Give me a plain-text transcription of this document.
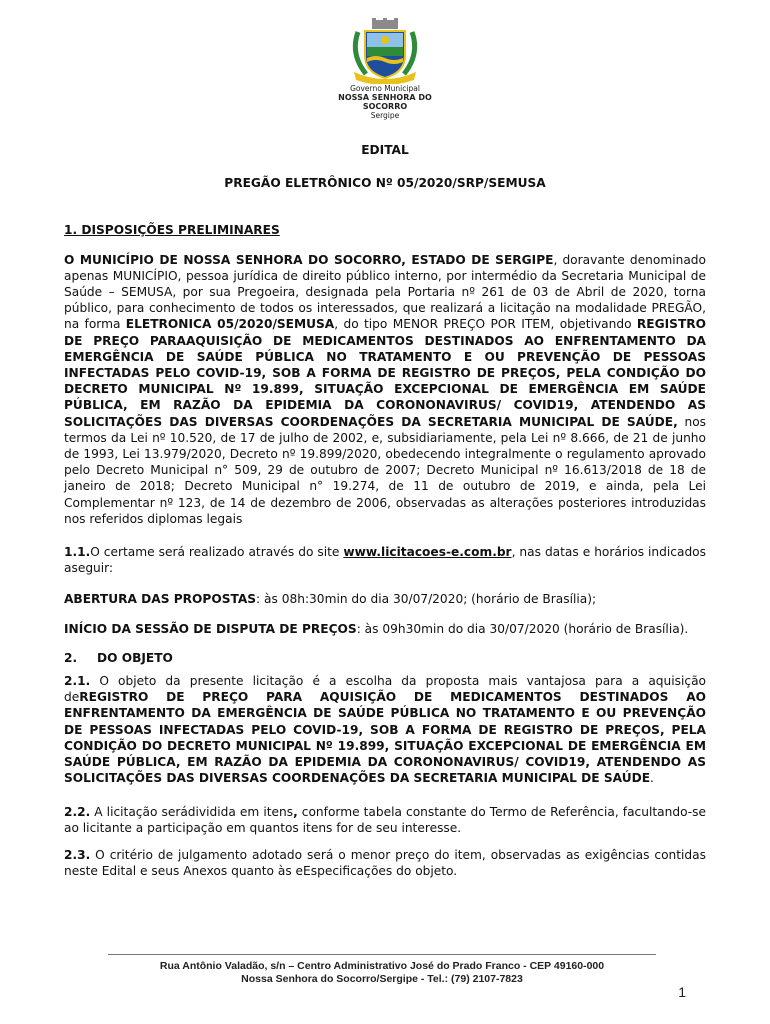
Governo Municipal
NOSSA SENHORA DO SOCORRO
Sergipe
EDITAL
PREGÃO ELETRÔNICO Nº 05/2020/SRP/SEMUSA

1. DISPOSIÇÕES PRELIMINARES

O MUNICÍPIO DE NOSSA SENHORA DO SOCORRO, ESTADO DE SERGIPE, doravante denominado apenas MUNICÍPIO, pessoa jurídica de direito público interno, por intermédio da Secretaria Municipal de Saúde – SEMUSA, por sua Pregoeira, designada pela Portaria nº 261 de 03 de Abril de 2020, torna público, para conhecimento de todos os interessados, que realizará a licitação na modalidade PREGÃO, na forma ELETRONICA 05/2020/SEMUSA, do tipo MENOR PREÇO POR ITEM, objetivando REGISTRO DE PREÇO PARAAQUISIÇÃO DE MEDICAMENTOS DESTINADOS AO ENFRENTAMENTO DA EMERGÊNCIA DE SAÚDE PÚBLICA NO TRATAMENTO E OU PREVENÇÃO DE PESSOAS INFECTADAS PELO COVID-19, SOB A FORMA DE REGISTRO DE PREÇOS, PELA CONDIÇÃO DO DECRETO MUNICIPAL Nº 19.899, SITUAÇÃO EXCEPCIONAL DE EMERGÊNCIA EM SAÚDE PÚBLICA, EM RAZÃO DA EPIDEMIA DA CORONONAVIRUS/ COVID19, ATENDENDO AS SOLICITAÇÕES DAS DIVERSAS COORDENAÇÕES DA SECRETARIA MUNICIPAL DE SAÚDE, nos termos da Lei nº 10.520, de 17 de julho de 2002, e, subsidiariamente, pela Lei nº 8.666, de 21 de junho de 1993, Lei 13.979/2020, Decreto nº 19.899/2020, obedecendo integralmente o regulamento aprovado pelo Decreto Municipal n° 509, 29 de outubro de 2007; Decreto Municipal nº 16.613/2018 de 18 de janeiro de 2018; Decreto Municipal n° 19.274, de 11 de outubro de 2019, e ainda, pela Lei Complementar nº 123, de 14 de dezembro de 2006, observadas as alterações posteriores introduzidas nos referidos diplomas legais

1.1.O certame será realizado através do site www.licitacoes-e.com.br, nas datas e horários indicados aseguir:

ABERTURA DAS PROPOSTAS: às 08h:30min do dia 30/07/2020; (horário de Brasília);

INÍCIO DA SESSÃO DE DISPUTA DE PREÇOS: às 09h30min do dia 30/07/2020 (horário de Brasília).

2. DO OBJETO

2.1. O objeto da presente licitação é a escolha da proposta mais vantajosa para a aquisição deREGISTRO DE PREÇO PARA AQUISIÇÃO DE MEDICAMENTOS DESTINADOS AO ENFRENTAMENTO DA EMERGÊNCIA DE SAÚDE PÚBLICA NO TRATAMENTO E OU PREVENÇÃO DE PESSOAS INFECTADAS PELO COVID-19, SOB A FORMA DE REGISTRO DE PREÇOS, PELA CONDIÇÃO DO DECRETO MUNICIPAL Nº 19.899, SITUAÇÃO EXCEPCIONAL DE EMERGÊNCIA EM SAÚDE PÚBLICA, EM RAZÃO DA EPIDEMIA DA CORONONAVIRUS/ COVID19, ATENDENDO AS SOLICITAÇÕES DAS DIVERSAS COORDENAÇÕES DA SECRETARIA MUNICIPAL DE SAÚDE.

2.2. A licitação serádividida em itens, conforme tabela constante do Termo de Referência, facultando-se ao licitante a participação em quantos itens for de seu interesse.

2.3. O critério de julgamento adotado será o menor preço do item, observadas as exigências contidas neste Edital e seus Anexos quanto às eEspecificações do objeto.

Rua Antônio Valadão, s/n – Centro Administrativo José do Prado Franco - CEP 49160-000
Nossa Senhora do Socorro/Sergipe - Tel.: (79) 2107-7823
1
